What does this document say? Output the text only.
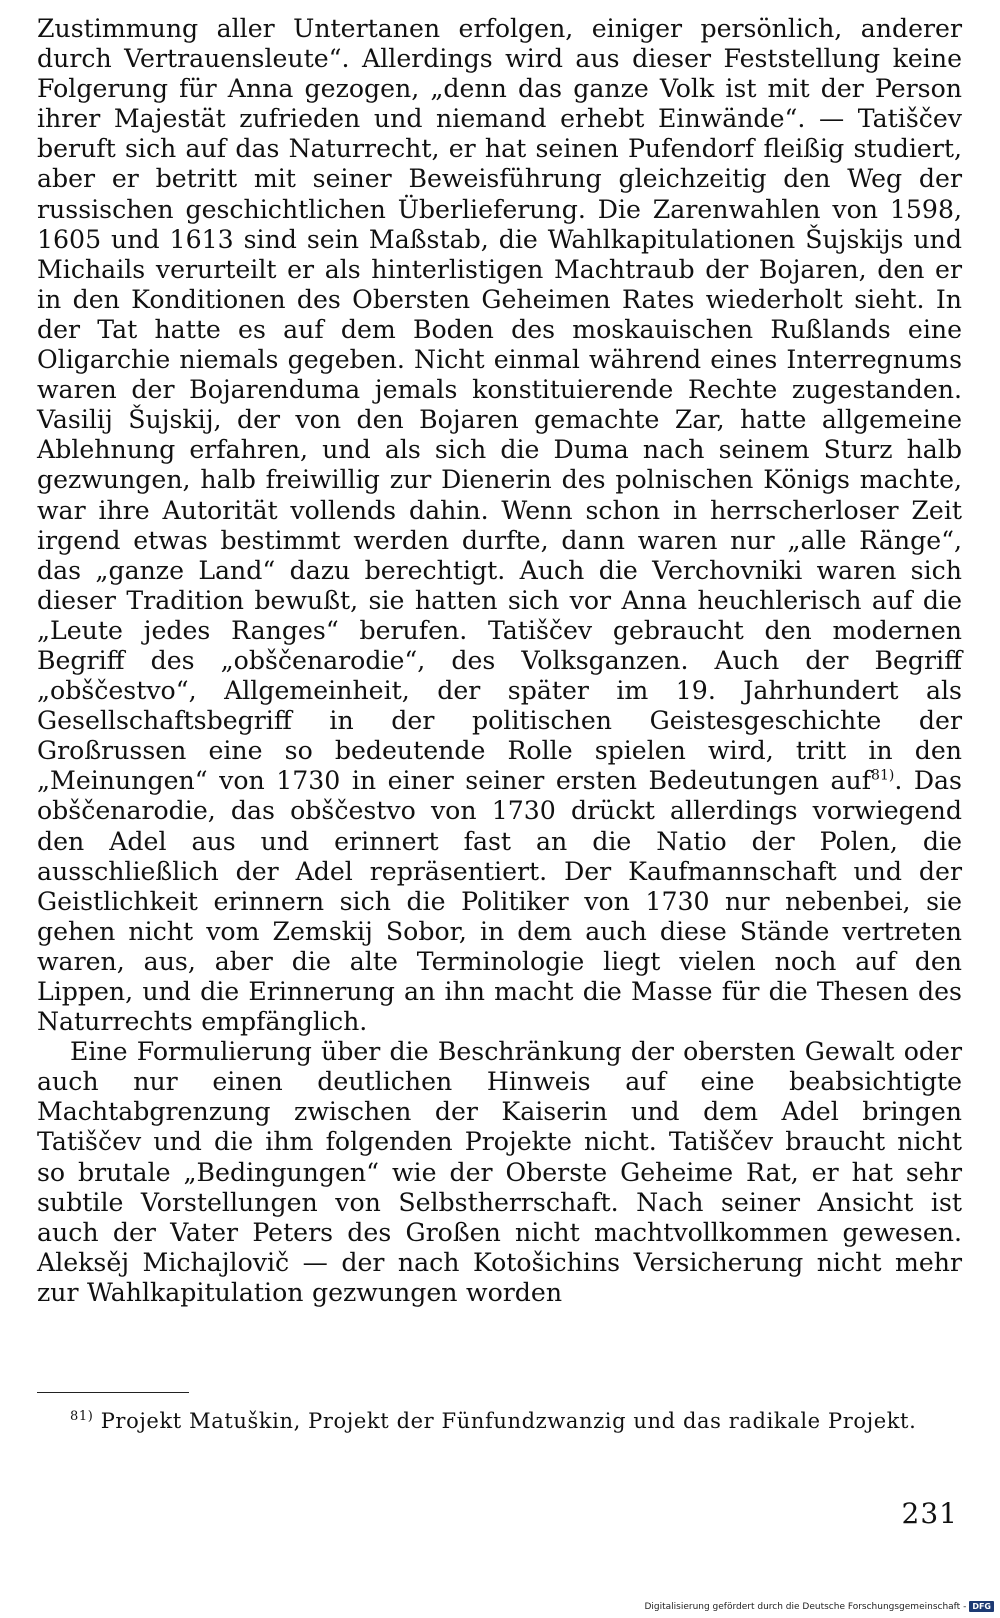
Zustimmung aller Untertanen erfolgen, einiger persönlich, anderer durch Vertrauensleute“. Allerdings wird aus dieser Feststellung keine Folgerung für Anna gezogen, „denn das ganze Volk ist mit der Person ihrer Majestät zufrieden und niemand erhebt Einwände“. — Tatiščev beruft sich auf das Naturrecht, er hat seinen Pufendorf fleißig studiert, aber er betritt mit seiner Beweisführung gleichzeitig den Weg der russischen geschichtlichen Überlieferung. Die Zarenwahlen von 1598, 1605 und 1613 sind sein Maßstab, die Wahlkapitulationen Šujskijs und Michails verurteilt er als hinterlistigen Machtraub der Bojaren, den er in den Konditionen des Obersten Geheimen Rates wiederholt sieht. In der Tat hatte es auf dem Boden des moskauischen Rußlands eine Oligarchie niemals gegeben. Nicht einmal während eines Interregnums waren der Bojarenduma jemals konstituierende Rechte zugestanden. Vasilij Šujskij, der von den Bojaren gemachte Zar, hatte allgemeine Ablehnung erfahren, und als sich die Duma nach seinem Sturz halb gezwungen, halb freiwillig zur Dienerin des polnischen Königs machte, war ihre Autorität vollends dahin. Wenn schon in herrscherloser Zeit irgend etwas bestimmt werden durfte, dann waren nur „alle Ränge“, das „ganze Land“ dazu berechtigt. Auch die Verchovniki waren sich dieser Tradition bewußt, sie hatten sich vor Anna heuchlerisch auf die „Leute jedes Ranges“ berufen. Tatiščev gebraucht den modernen Begriff des „obščenarodie“, des Volksganzen. Auch der Begriff „obščestvo“, Allgemeinheit, der später im 19. Jahrhundert als Gesellschaftsbegriff in der politischen Geistesgeschichte der Großrussen eine so bedeutende Rolle spielen wird, tritt in den „Meinungen“ von 1730 in einer seiner ersten Bedeutungen auf$^{81)}$. Das obščenarodie, das obščestvo von 1730 drückt allerdings vorwiegend den Adel aus und erinnert fast an die Natio der Polen, die ausschließlich der Adel repräsentiert. Der Kaufmannschaft und der Geistlichkeit erinnern sich die Politiker von 1730 nur nebenbei, sie gehen nicht vom Zemskij Sobor, in dem auch diese Stände vertreten waren, aus, aber die alte Terminologie liegt vielen noch auf den Lippen, und die Erinnerung an ihn macht die Masse für die Thesen des Naturrechts empfänglich.

Eine Formulierung über die Beschränkung der obersten Gewalt oder auch nur einen deutlichen Hinweis auf eine beabsichtigte Machtabgrenzung zwischen der Kaiserin und dem Adel bringen Tatiščev und die ihm folgenden Projekte nicht. Tatiščev braucht nicht so brutale „Bedingungen“ wie der Oberste Geheime Rat, er hat sehr subtile Vorstellungen von Selbstherrschaft. Nach seiner Ansicht ist auch der Vater Peters des Großen nicht machtvollkommen gewesen. Aleksěj Michajlovič — der nach Kotošichins Versicherung nicht mehr zur Wahlkapitulation gezwungen worden

$^{81)}$ Projekt Matuškin, Projekt der Fünfundzwanzig und das radikale Projekt.
231
Digitalisierung gefördert durch die Deutsche Forschungsgemeinschaft - DFG
